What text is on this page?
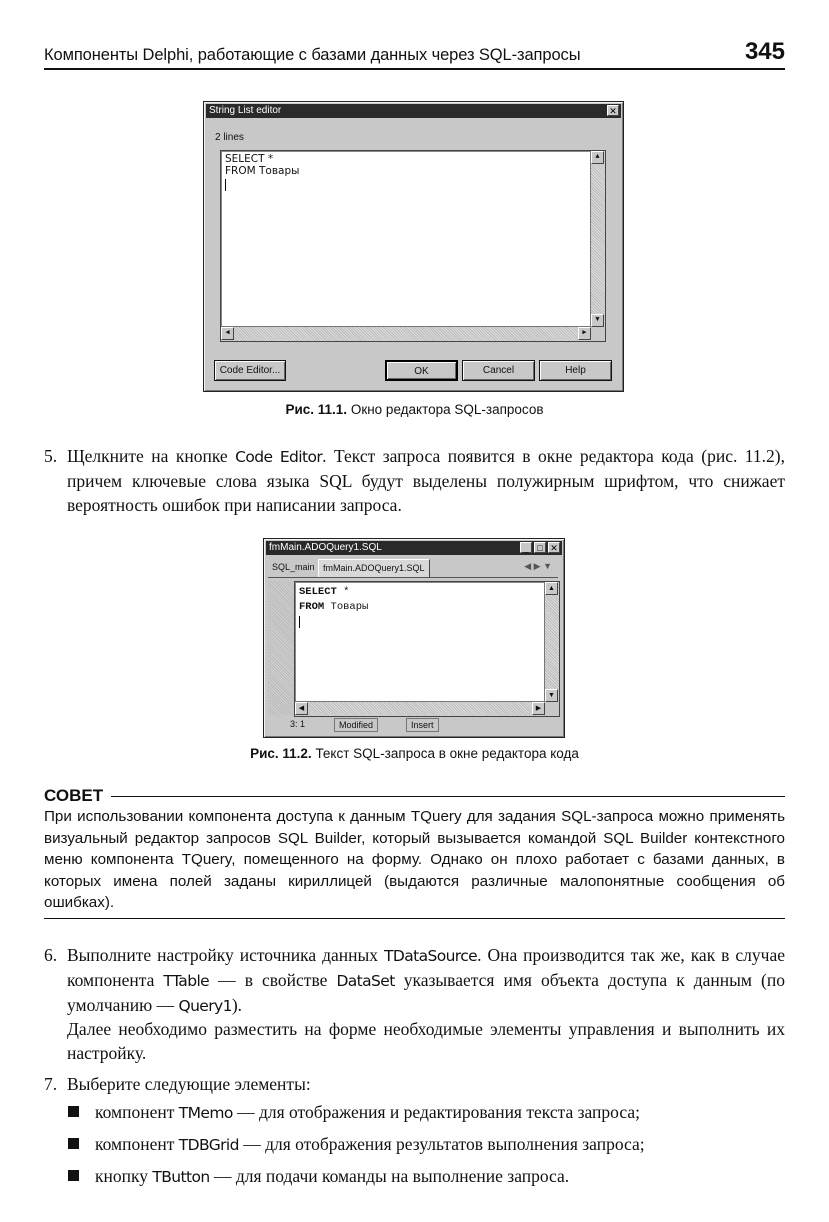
Компоненты Delphi, работающие с базами данных через SQL-запросы	345
String List editor	✕
2 lines
SELECT *
FROM Товары
▲
▼
◀	▶
Code Editor...	OK	Cancel	Help
Рис. 11.1. Окно редактора SQL-запросов
5. Щелкните на кнопке Code Editor. Текст запроса появится в окне редактора кода (рис. 11.2), причем ключевые слова языка SQL будут выделены полужирным шрифтом, что снижает вероятность ошибок при написании запроса.
fmMain.ADOQuery1.SQL	_ □ ✕
SQL_main fmMain.ADOQuery1.SQL	◀ ▶ ▼
SELECT *
FROM Товары
▲
▼
◀	▶
3: 1	Modified	Insert
Рис. 11.2. Текст SQL-запроса в окне редактора кода
СОВЕТ
При использовании компонента доступа к данным TQuery для задания SQL-запроса можно применять визуальный редактор запросов SQL Builder, который вызывается командой SQL Builder контекстного меню компонента TQuery, помещенного на форму. Однако он плохо работает с базами данных, в которых имена полей заданы кириллицей (выдаются различные малопонятные сообщения об ошибках).
6. Выполните настройку источника данных TDataSource. Она производится так же, как в случае компонента TTable — в свойстве DataSet указывается имя объекта доступа к данным (по умолчанию — Query1).
Далее необходимо разместить на форме необходимые элементы управления и выполнить их настройку.
7. Выберите следующие элементы:
компонент TMemo — для отображения и редактирования текста запроса;
компонент TDBGrid — для отображения результатов выполнения запроса;
кнопку TButton — для подачи команды на выполнение запроса.
